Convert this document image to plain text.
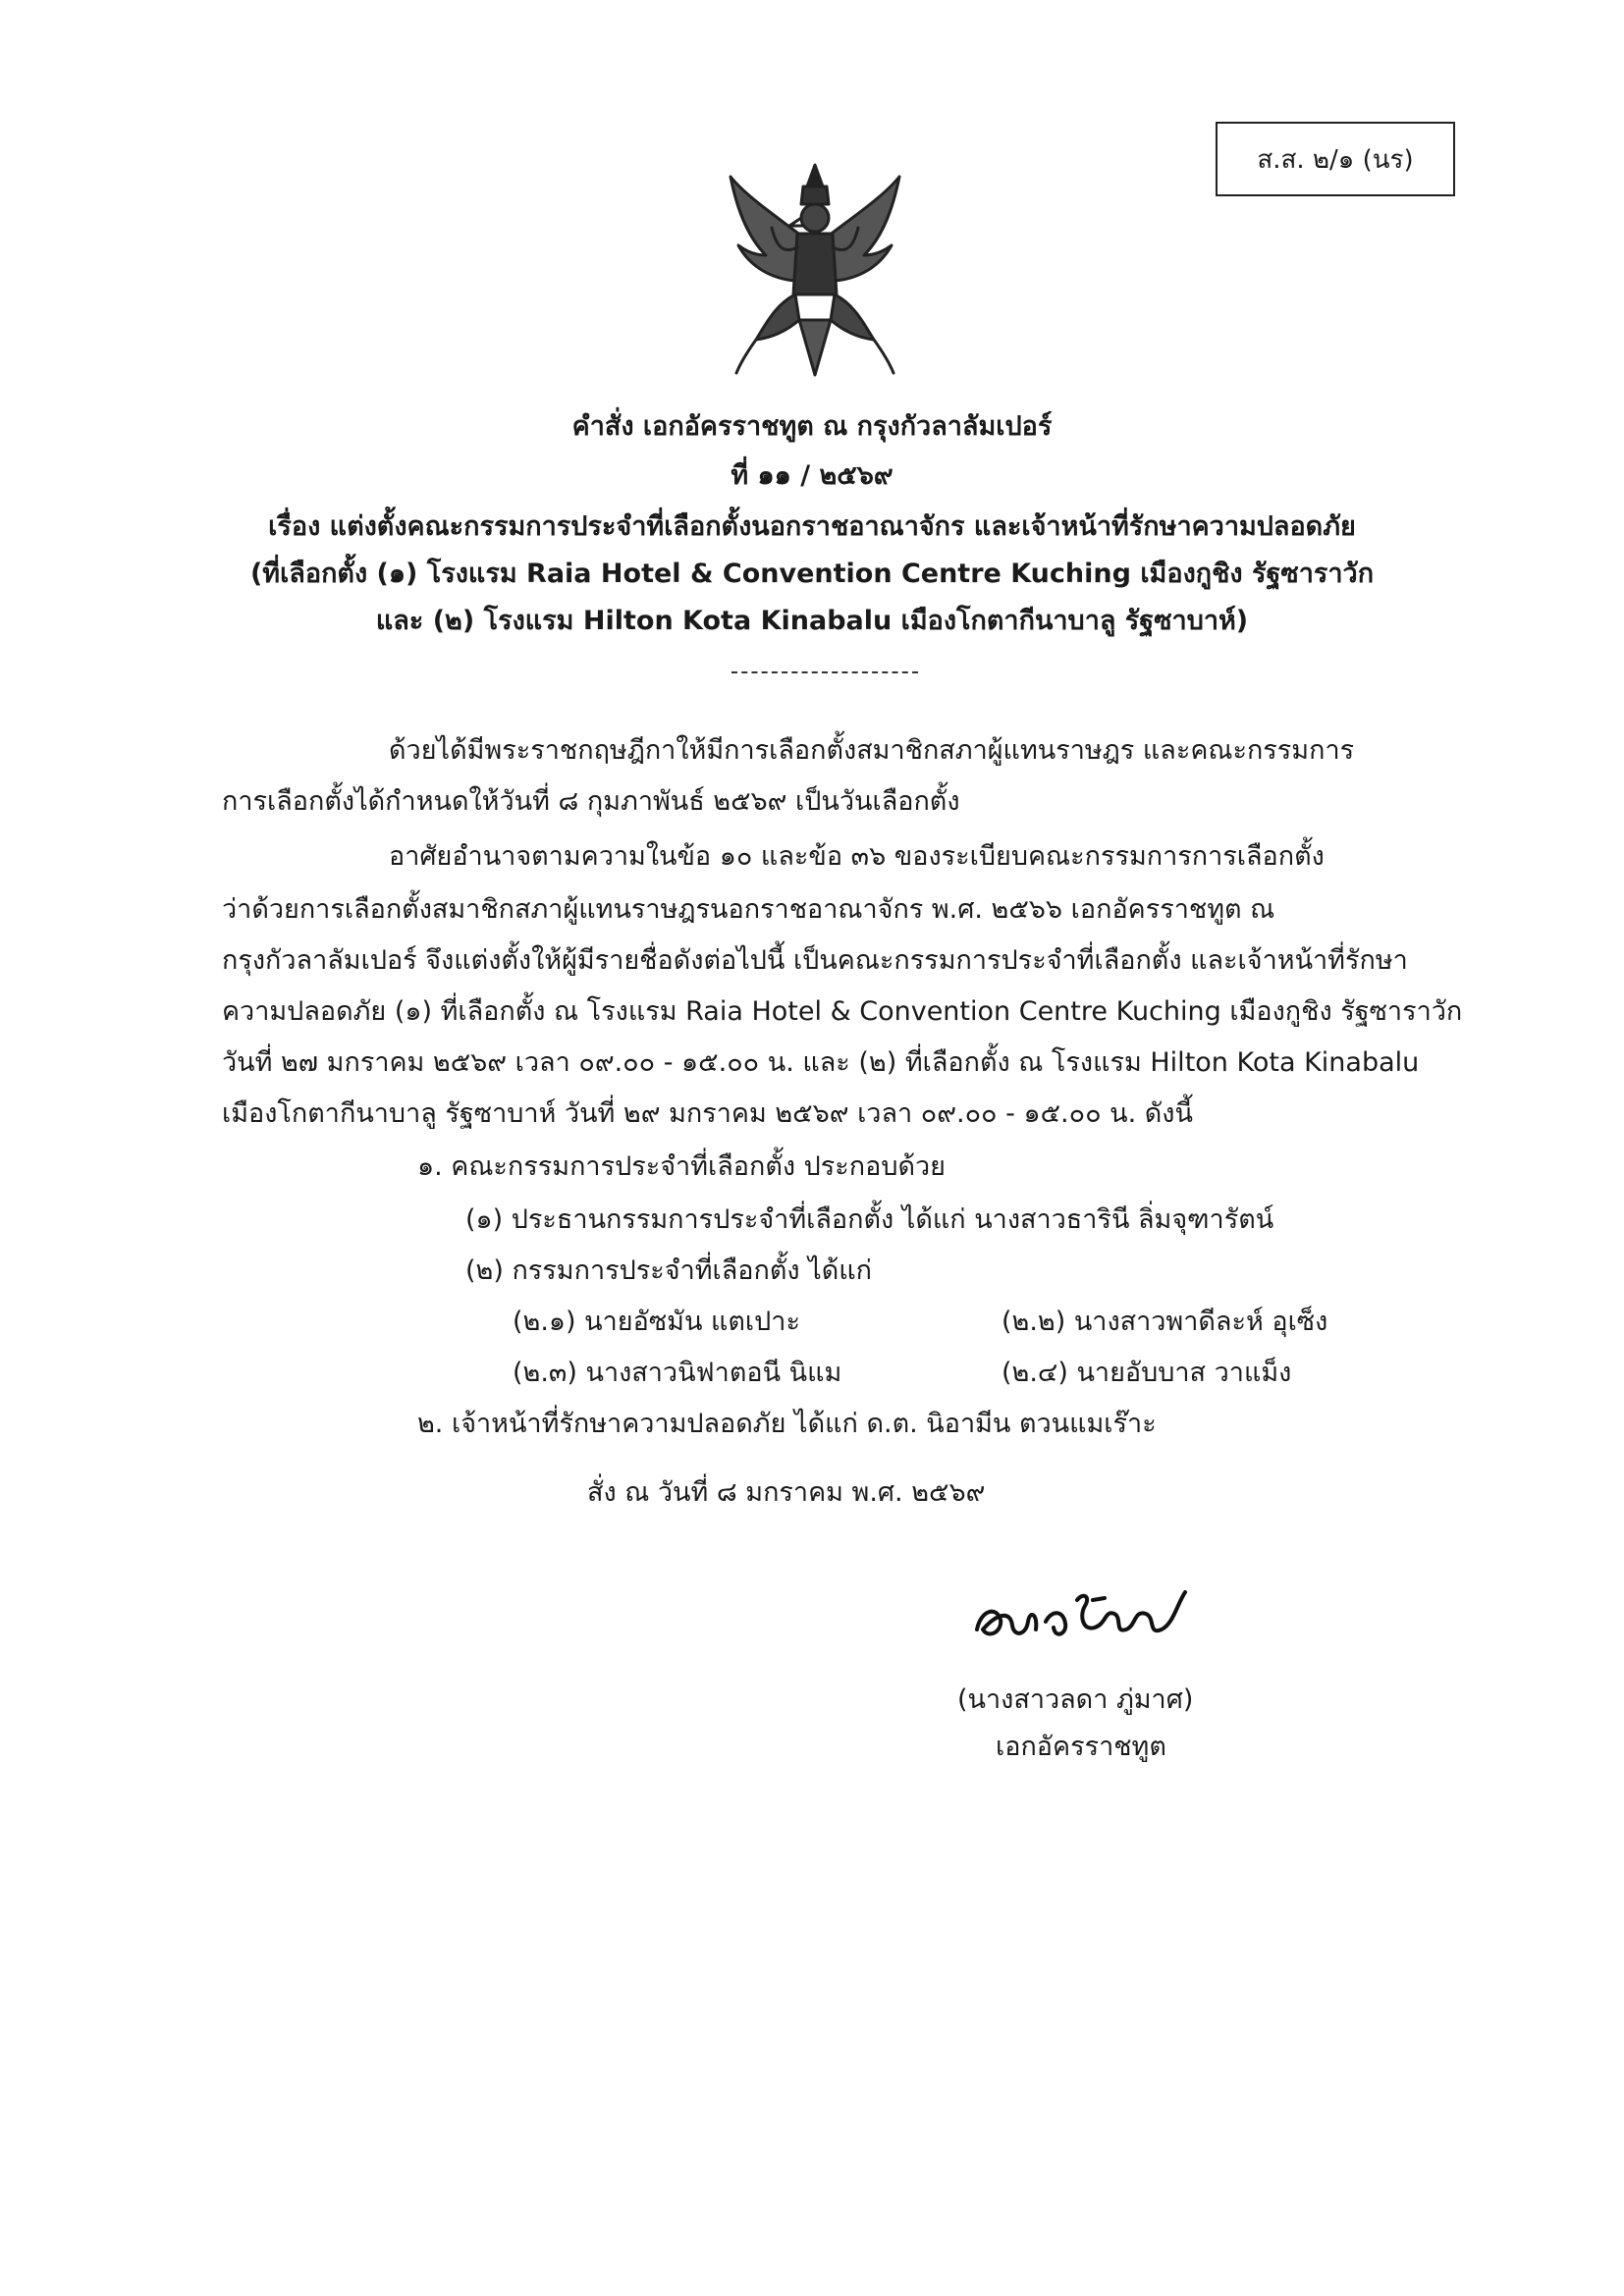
ส.ส. ๒/๑ (นร)
คำสั่ง เอกอัครราชทูต ณ กรุงกัวลาลัมเปอร์
ที่ ๑๑ / ๒๕๖๙
เรื่อง แต่งตั้งคณะกรรมการประจำที่เลือกตั้งนอกราชอาณาจักร และเจ้าหน้าที่รักษาความปลอดภัย
(ที่เลือกตั้ง (๑) โรงแรม Raia Hotel & Convention Centre Kuching เมืองกูชิง รัฐซาราวัก
และ (๒) โรงแรม Hilton Kota Kinabalu เมืองโกตากีนาบาลู รัฐซาบาห์)
ด้วยได้มีพระราชกฤษฎีกาให้มีการเลือกตั้งสมาชิกสภาผู้แทนราษฎร และคณะกรรมการ
การเลือกตั้งได้กำหนดให้วันที่ ๘ กุมภาพันธ์ ๒๕๖๙ เป็นวันเลือกตั้ง
อาศัยอำนาจตามความในข้อ ๑๐ และข้อ ๓๖ ของระเบียบคณะกรรมการการเลือกตั้ง
ว่าด้วยการเลือกตั้งสมาชิกสภาผู้แทนราษฎรนอกราชอาณาจักร พ.ศ. ๒๕๖๖ เอกอัครราชทูต ณ
กรุงกัวลาลัมเปอร์ จึงแต่งตั้งให้ผู้มีรายชื่อดังต่อไปนี้ เป็นคณะกรรมการประจำที่เลือกตั้ง และเจ้าหน้าที่รักษา
ความปลอดภัย (๑) ที่เลือกตั้ง ณ โรงแรม Raia Hotel & Convention Centre Kuching เมืองกูชิง รัฐซาราวัก
วันที่ ๒๗ มกราคม ๒๕๖๙ เวลา ๐๙.๐๐ - ๑๕.๐๐ น. และ (๒) ที่เลือกตั้ง ณ โรงแรม Hilton Kota Kinabalu
เมืองโกตากีนาบาลู รัฐซาบาห์ วันที่ ๒๙ มกราคม ๒๕๖๙ เวลา ๐๙.๐๐ - ๑๕.๐๐ น. ดังนี้
๑. คณะกรรมการประจำที่เลือกตั้ง ประกอบด้วย
(๑) ประธานกรรมการประจำที่เลือกตั้ง ได้แก่ นางสาวธารินี ลิ่มจุฑารัตน์
(๒) กรรมการประจำที่เลือกตั้ง ได้แก่
(๒.๑) นายอัซมัน แตเปาะ	(๒.๒) นางสาวพาดีละห์ อุเซ็ง
(๒.๓) นางสาวนิฟาตอนี นิแม	(๒.๔) นายอับบาส วาแม็ง
๒. เจ้าหน้าที่รักษาความปลอดภัย ได้แก่ ด.ต. นิอามีน ตวนแมเร๊าะ
สั่ง ณ วันที่ ๘ มกราคม พ.ศ. ๒๕๖๙
(นางสาวลดา ภู่มาศ)
เอกอัครราชทูต
